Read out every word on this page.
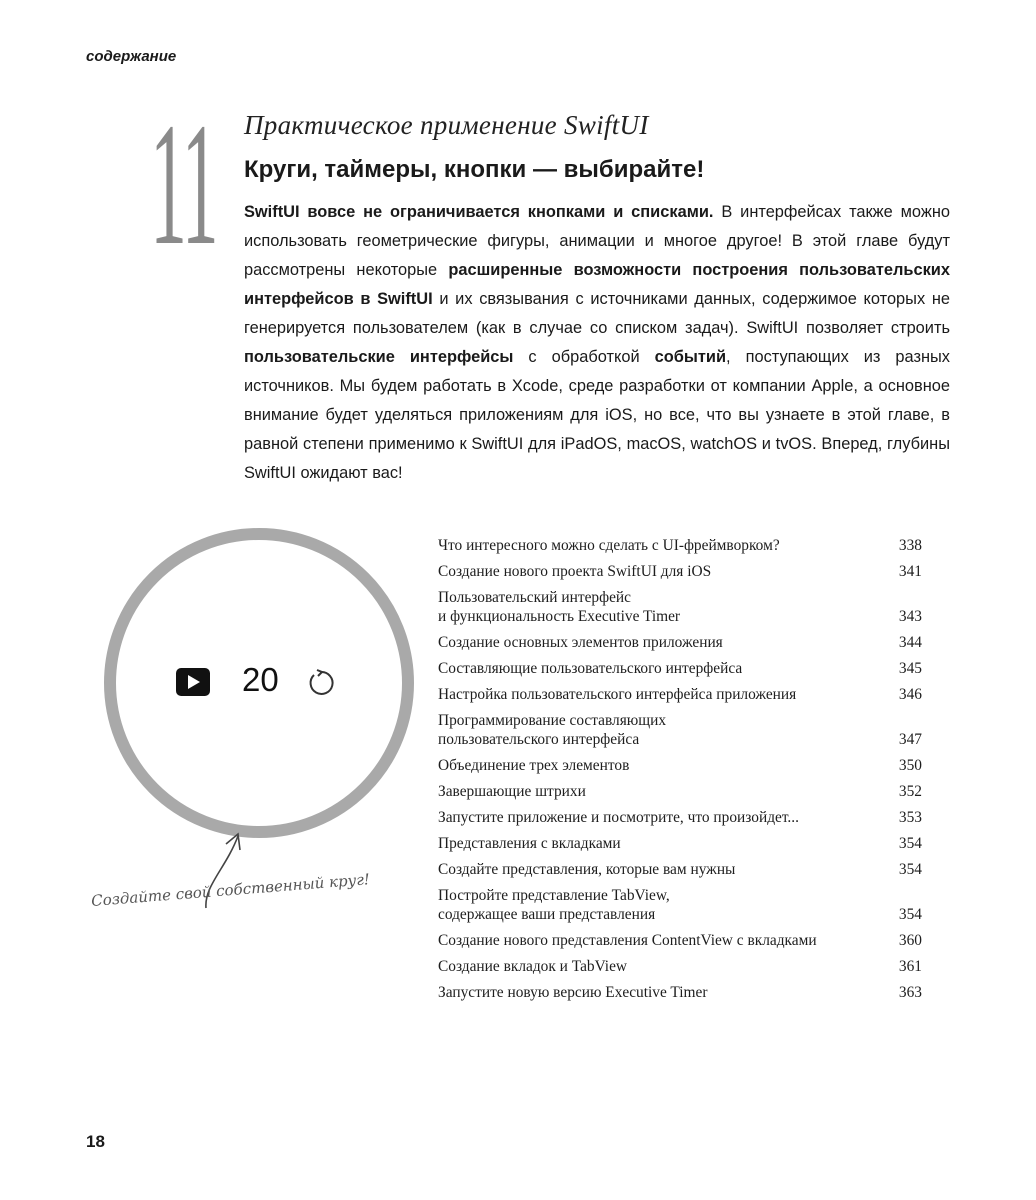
содержание
11 Практическое применение SwiftUI
Круги, таймеры, кнопки — выбирайте!

SwiftUI вовсе не ограничивается кнопками и списками. В интерфейсах также можно использовать геометрические фигуры, анимации и многое другое! В этой главе будут рассмотрены некоторые расширенные возможности построения пользовательских интерфейсов в SwiftUI и их связывания с источниками данных, содержимое которых не генерируется пользователем (как в случае со списком задач). SwiftUI позволяет строить пользовательские интерфейсы с обработкой событий, поступающих из разных источников. Мы будем работать в Xcode, среде разработки от компании Apple, а основное внимание будет уделяться приложениям для iOS, но все, что вы узнаете в этой главе, в равной степени применимо к SwiftUI для iPadOS, macOS, watchOS и tvOS. Вперед, глубины SwiftUI ожидают вас!

20
Создайте свой собственный круг!
Что интересного можно сделать с UI-фреймворком?	338
Создание нового проекта SwiftUI для iOS	341
Пользовательский интерфейс
и функциональность Executive Timer	343
Создание основных элементов приложения	344
Составляющие пользовательского интерфейса	345
Настройка пользовательского интерфейса приложения	346
Программирование составляющих
пользовательского интерфейса	347
Объединение трех элементов	350
Завершающие штрихи	352
Запустите приложение и посмотрите, что произойдет...	353
Представления с вкладками	354
Создайте представления, которые вам нужны	354
Постройте представление TabView,
содержащее ваши представления	354
Создание нового представления ContentView с вкладками	360
Создание вкладок и TabView	361
Запустите новую версию Executive Timer	363
18
